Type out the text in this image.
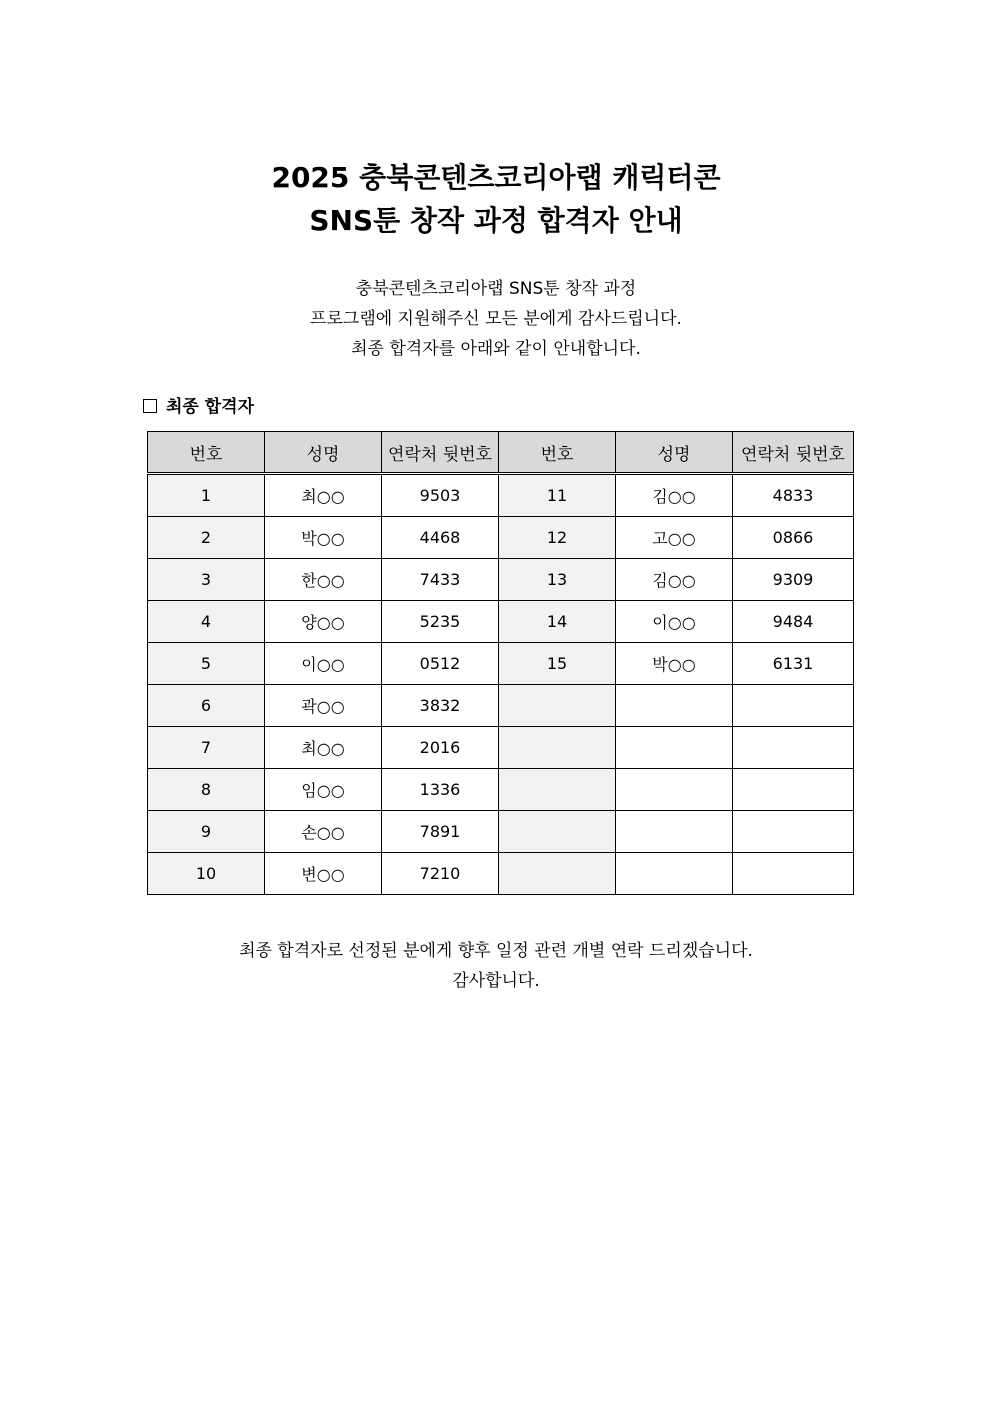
2025 충북콘텐츠코리아랩 캐릭터콘
SNS툰 창작 과정 합격자 안내
충북콘텐츠코리아랩 SNS툰 창작 과정
프로그램에 지원해주신 모든 분에게 감사드립니다.
최종 합격자를 아래와 같이 안내합니다.
최종 합격자
번호	성명	연락처 뒷번호	번호	성명	연락처 뒷번호
1	최○○	9503	11	김○○	4833
2	박○○	4468	12	고○○	0866
3	한○○	7433	13	김○○	9309
4	양○○	5235	14	이○○	9484
5	이○○	0512	15	박○○	6131
6	곽○○	3832			
7	최○○	2016			
8	임○○	1336			
9	손○○	7891			
10	변○○	7210			
최종 합격자로 선정된 분에게 향후 일정 관련 개별 연락 드리겠습니다.
감사합니다.
